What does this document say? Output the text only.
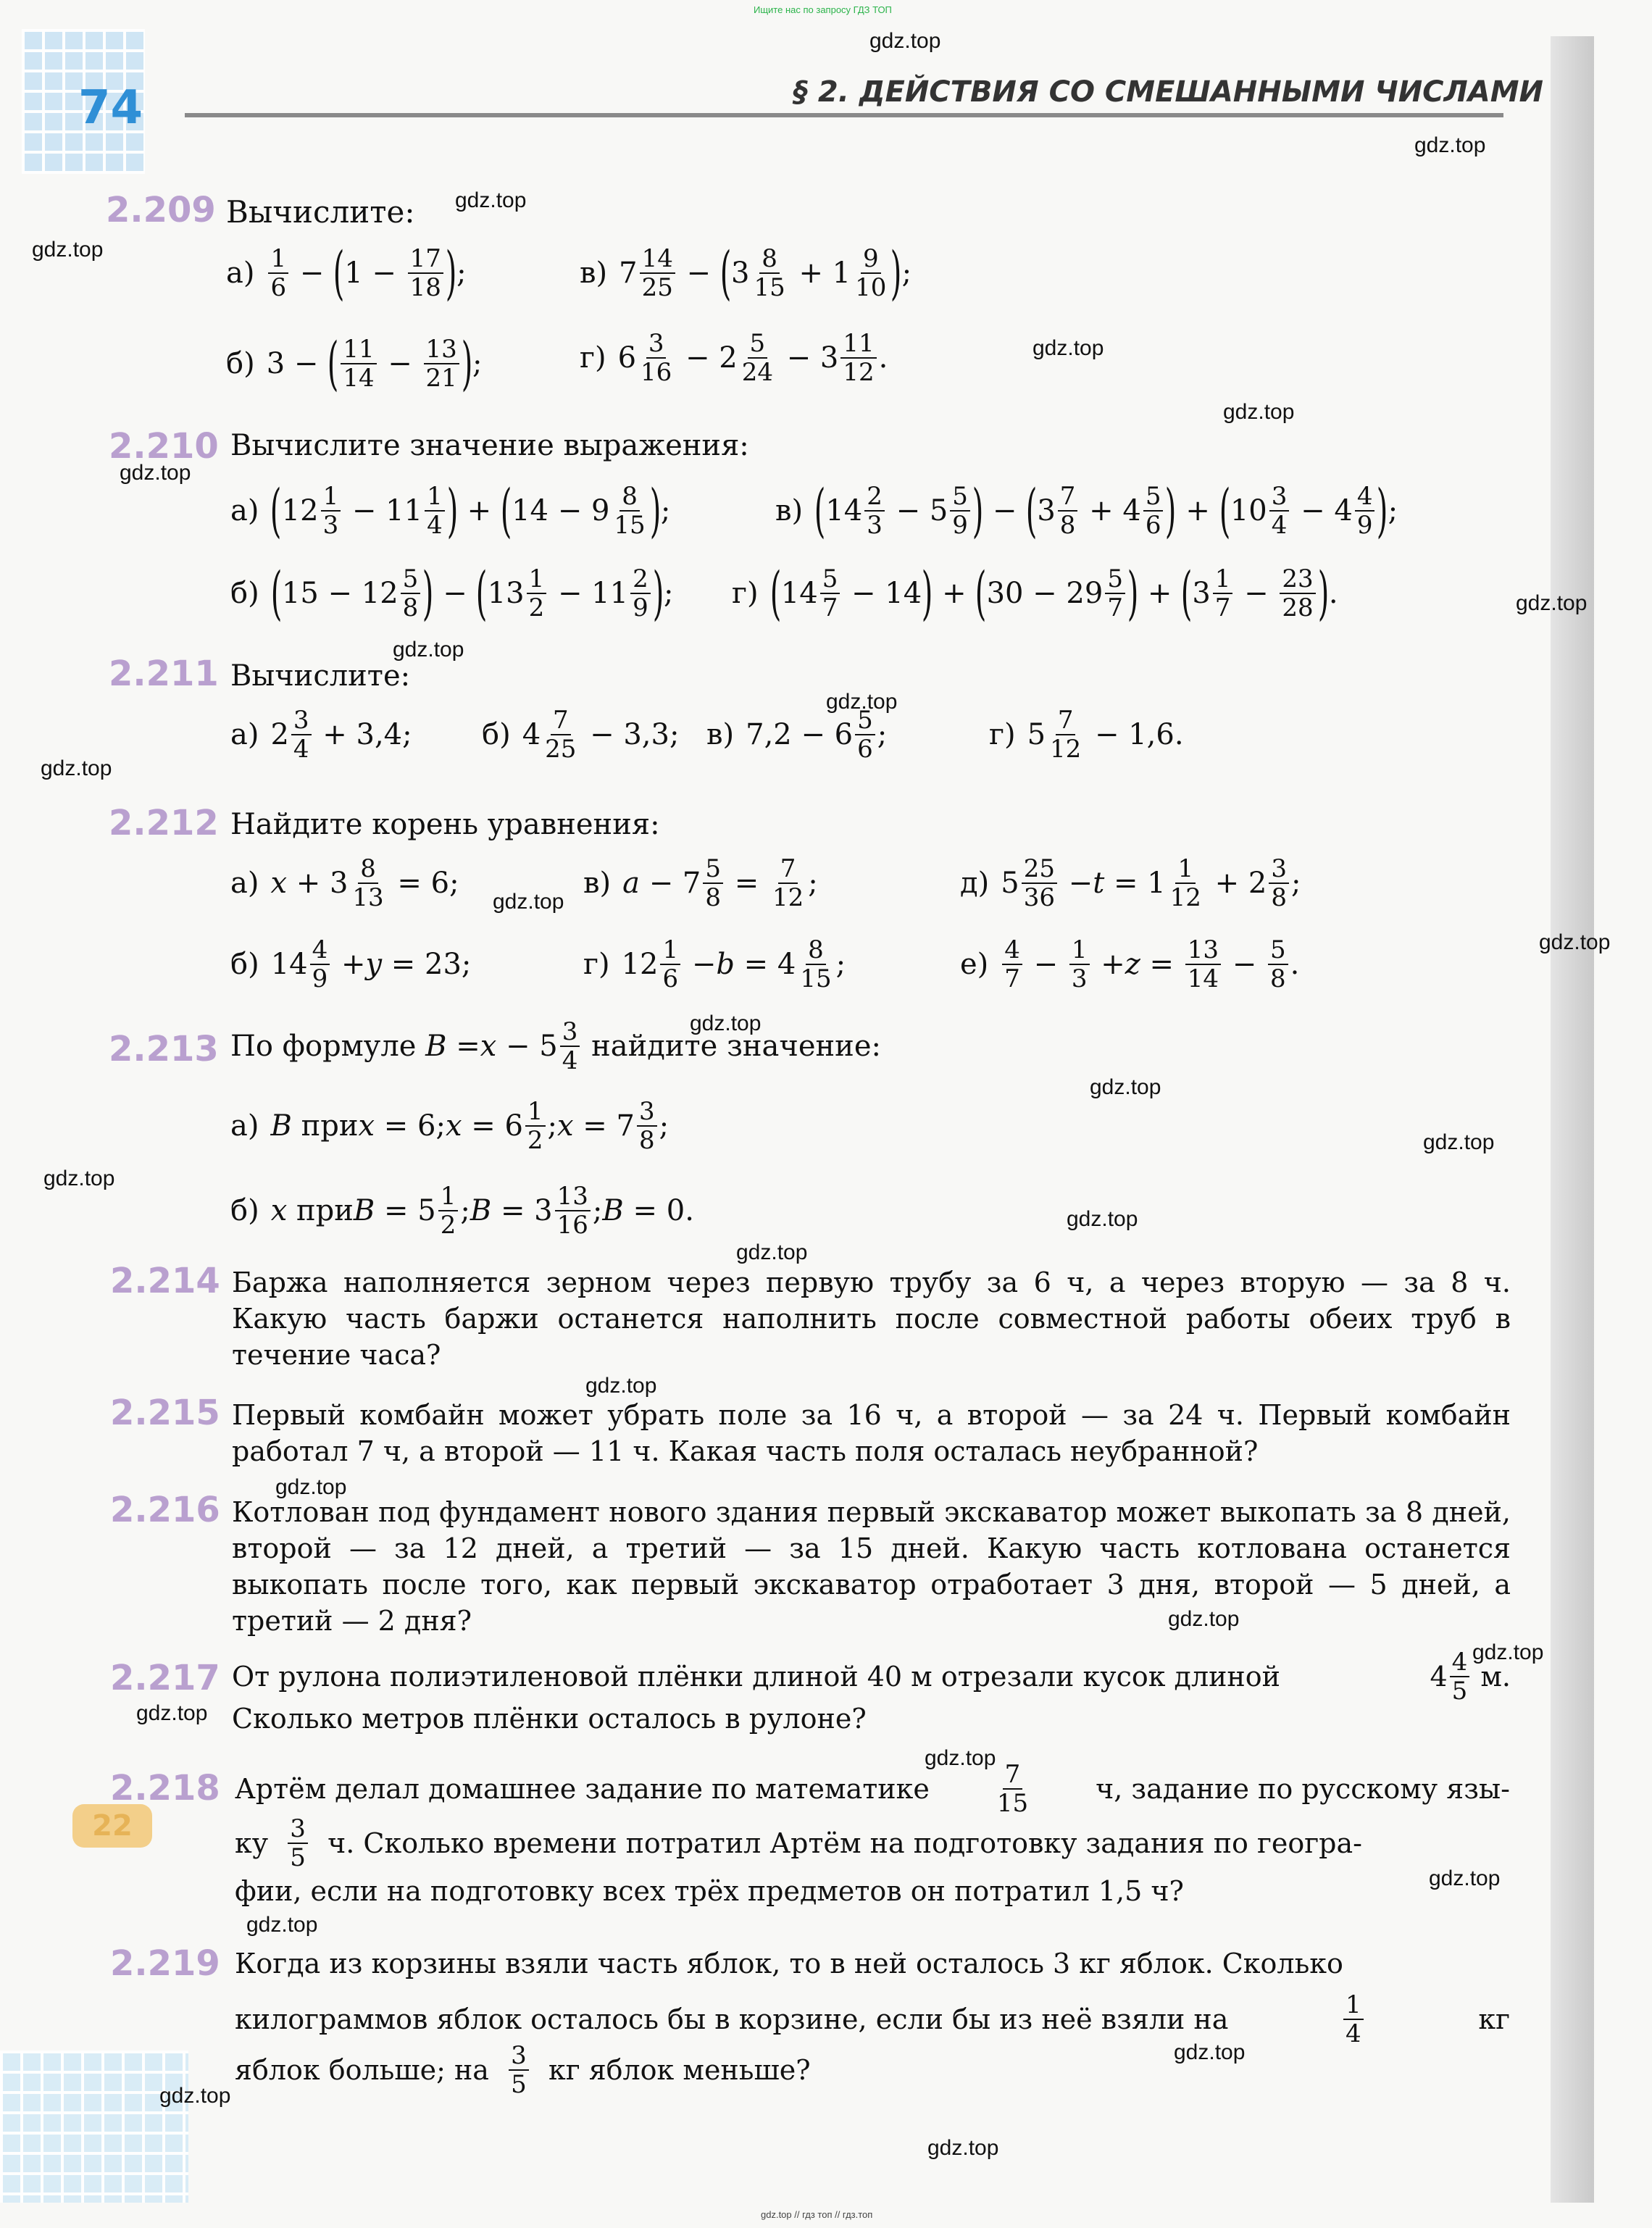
Ищите нас по запросу ГДЗ ТОП
gdz.top // гдз топ // гдз.топ
74	§ 2. ДЕЙСТВИЯ СО СМЕШАННЫМИ ЧИСЛАМИ
2.209 Вычислите:
$а) \frac{1}{6}$ − ( $1 - \frac{17}{18}$ ) ;	в) $7 \frac{14}{25}$ − ( $3 \frac{8}{15} + 1 \frac{9}{10}$ ) ;
б) 3 − ( $\frac{11}{14} - \frac{13}{21}$ ) ;	г) $6 \frac{3}{16} - 2 \frac{5}{24} - 3 \frac{11}{12}$ .
2.210 Вычислите значение выражения:
а) ( $12 \frac{1}{3} - 11 \frac{1}{4}$ ) + ( $14 - 9 \frac{8}{15}$ ) ;	в) ( $14 \frac{2}{3} - 5 \frac{5}{9}$ ) − ( $3 \frac{7}{8} + 4 \frac{5}{6}$ ) + ( $10 \frac{3}{4} - 4 \frac{4}{9}$ ) ;
б) ( $15 - 12 \frac{5}{8}$ ) − ( $13 \frac{1}{2} - 11 \frac{2}{9}$ ) ; г) ( $14 \frac{5}{7} - 14$ ) + ( $30 - 29 \frac{5}{7}$ ) + ( $3 \frac{1}{7} - \frac{23}{28}$ ) .
2.211 Вычислите:
а) $2 \frac{3}{4} + 3,4$; б) $4 \frac{7}{25} - 3,3$; в) $7,2 - 6 \frac{5}{6}$ ;	г) $5 \frac{7}{12} - 1,6$.
2.212 Найдите корень уравнения:
а) $x + 3 \frac{8}{13} = 6$;	в) $a - 7 \frac{5}{8} = \frac{7}{12}$ ;	д) $5 \frac{25}{36} - t = 1 \frac{1}{12} + 2 \frac{3}{8}$ ;
б) $14 \frac{4}{9} + y = 23$;	г) $12 \frac{1}{6} - b = 4 \frac{8}{15}$ ;	$е) \frac{4}{7} - \frac{1}{3} + z = \frac{13}{14} - \frac{5}{8}$ .
2.213 По формуле
$B = x - 5 \frac{3}{4}$
найдите значение:
а) B при x = 6; $x = 6 \frac{1}{2}$ ; $x = 7 \frac{3}{8}$ ;
б) x при $B = 5 \frac{1}{2}$ ; $B = 3 \frac{13}{16}$ ; B = 0.
2.214 Баржа наполняется зерном через первую трубу за 6 ч, а через вторую — за 8 ч. Какую часть баржи останется наполнить после совместной работы обеих труб в течение часа?
2.215 Первый комбайн может убрать поле за 16 ч, а второй — за 24 ч. Первый комбайн работал 7 ч, а второй — 11 ч. Какая часть поля осталась неубранной?
2.216 Котлован под фундамент нового здания первый экскаватор может выкопать за 8 дней, второй — за 12 дней, а третий — за 15 дней. Какую часть котлована останется выкопать после того, как первый экскаватор отработает 3 дня, второй — 5 дней, а третий — 2 дня?
2.217 От рулона полиэтиленовой плёнки длиной 40 м отрезали кусок длиной	$4 \frac{4}{5}$
м.
Сколько метров плёнки осталось в рулоне?
22
2.218 Артём делал домашнее задание по математике	$\frac{7}{15} ч$, задание по русскому язы-
ку
$\frac{3}{5}$
ч. Сколько времени потратил Артём на подготовку задания по геогра-
фии, если на подготовку всех трёх предметов он потратил 1,5 ч?
2.219 Когда из корзины взяли часть яблок, то в ней осталось 3 кг яблок. Сколько
килограммов яблок осталось бы в корзине, если бы из неё взяли на	$\frac{1}{4}$	кг
яблок больше; на
$\frac{3}{5}$
кг яблок меньше?
gdz.top
gdz.top
gdz.top
gdz.top
gdz.top
gdz.top
gdz.top
gdz.top
gdz.top
gdz.top
gdz.top
gdz.top
gdz.top
gdz.top
gdz.top
gdz.top
gdz.top
gdz.top
gdz.top
gdz.top
gdz.top
gdz.top
gdz.top
gdz.top
gdz.top
gdz.top
gdz.top
gdz.top
gdz.top
gdz.top
